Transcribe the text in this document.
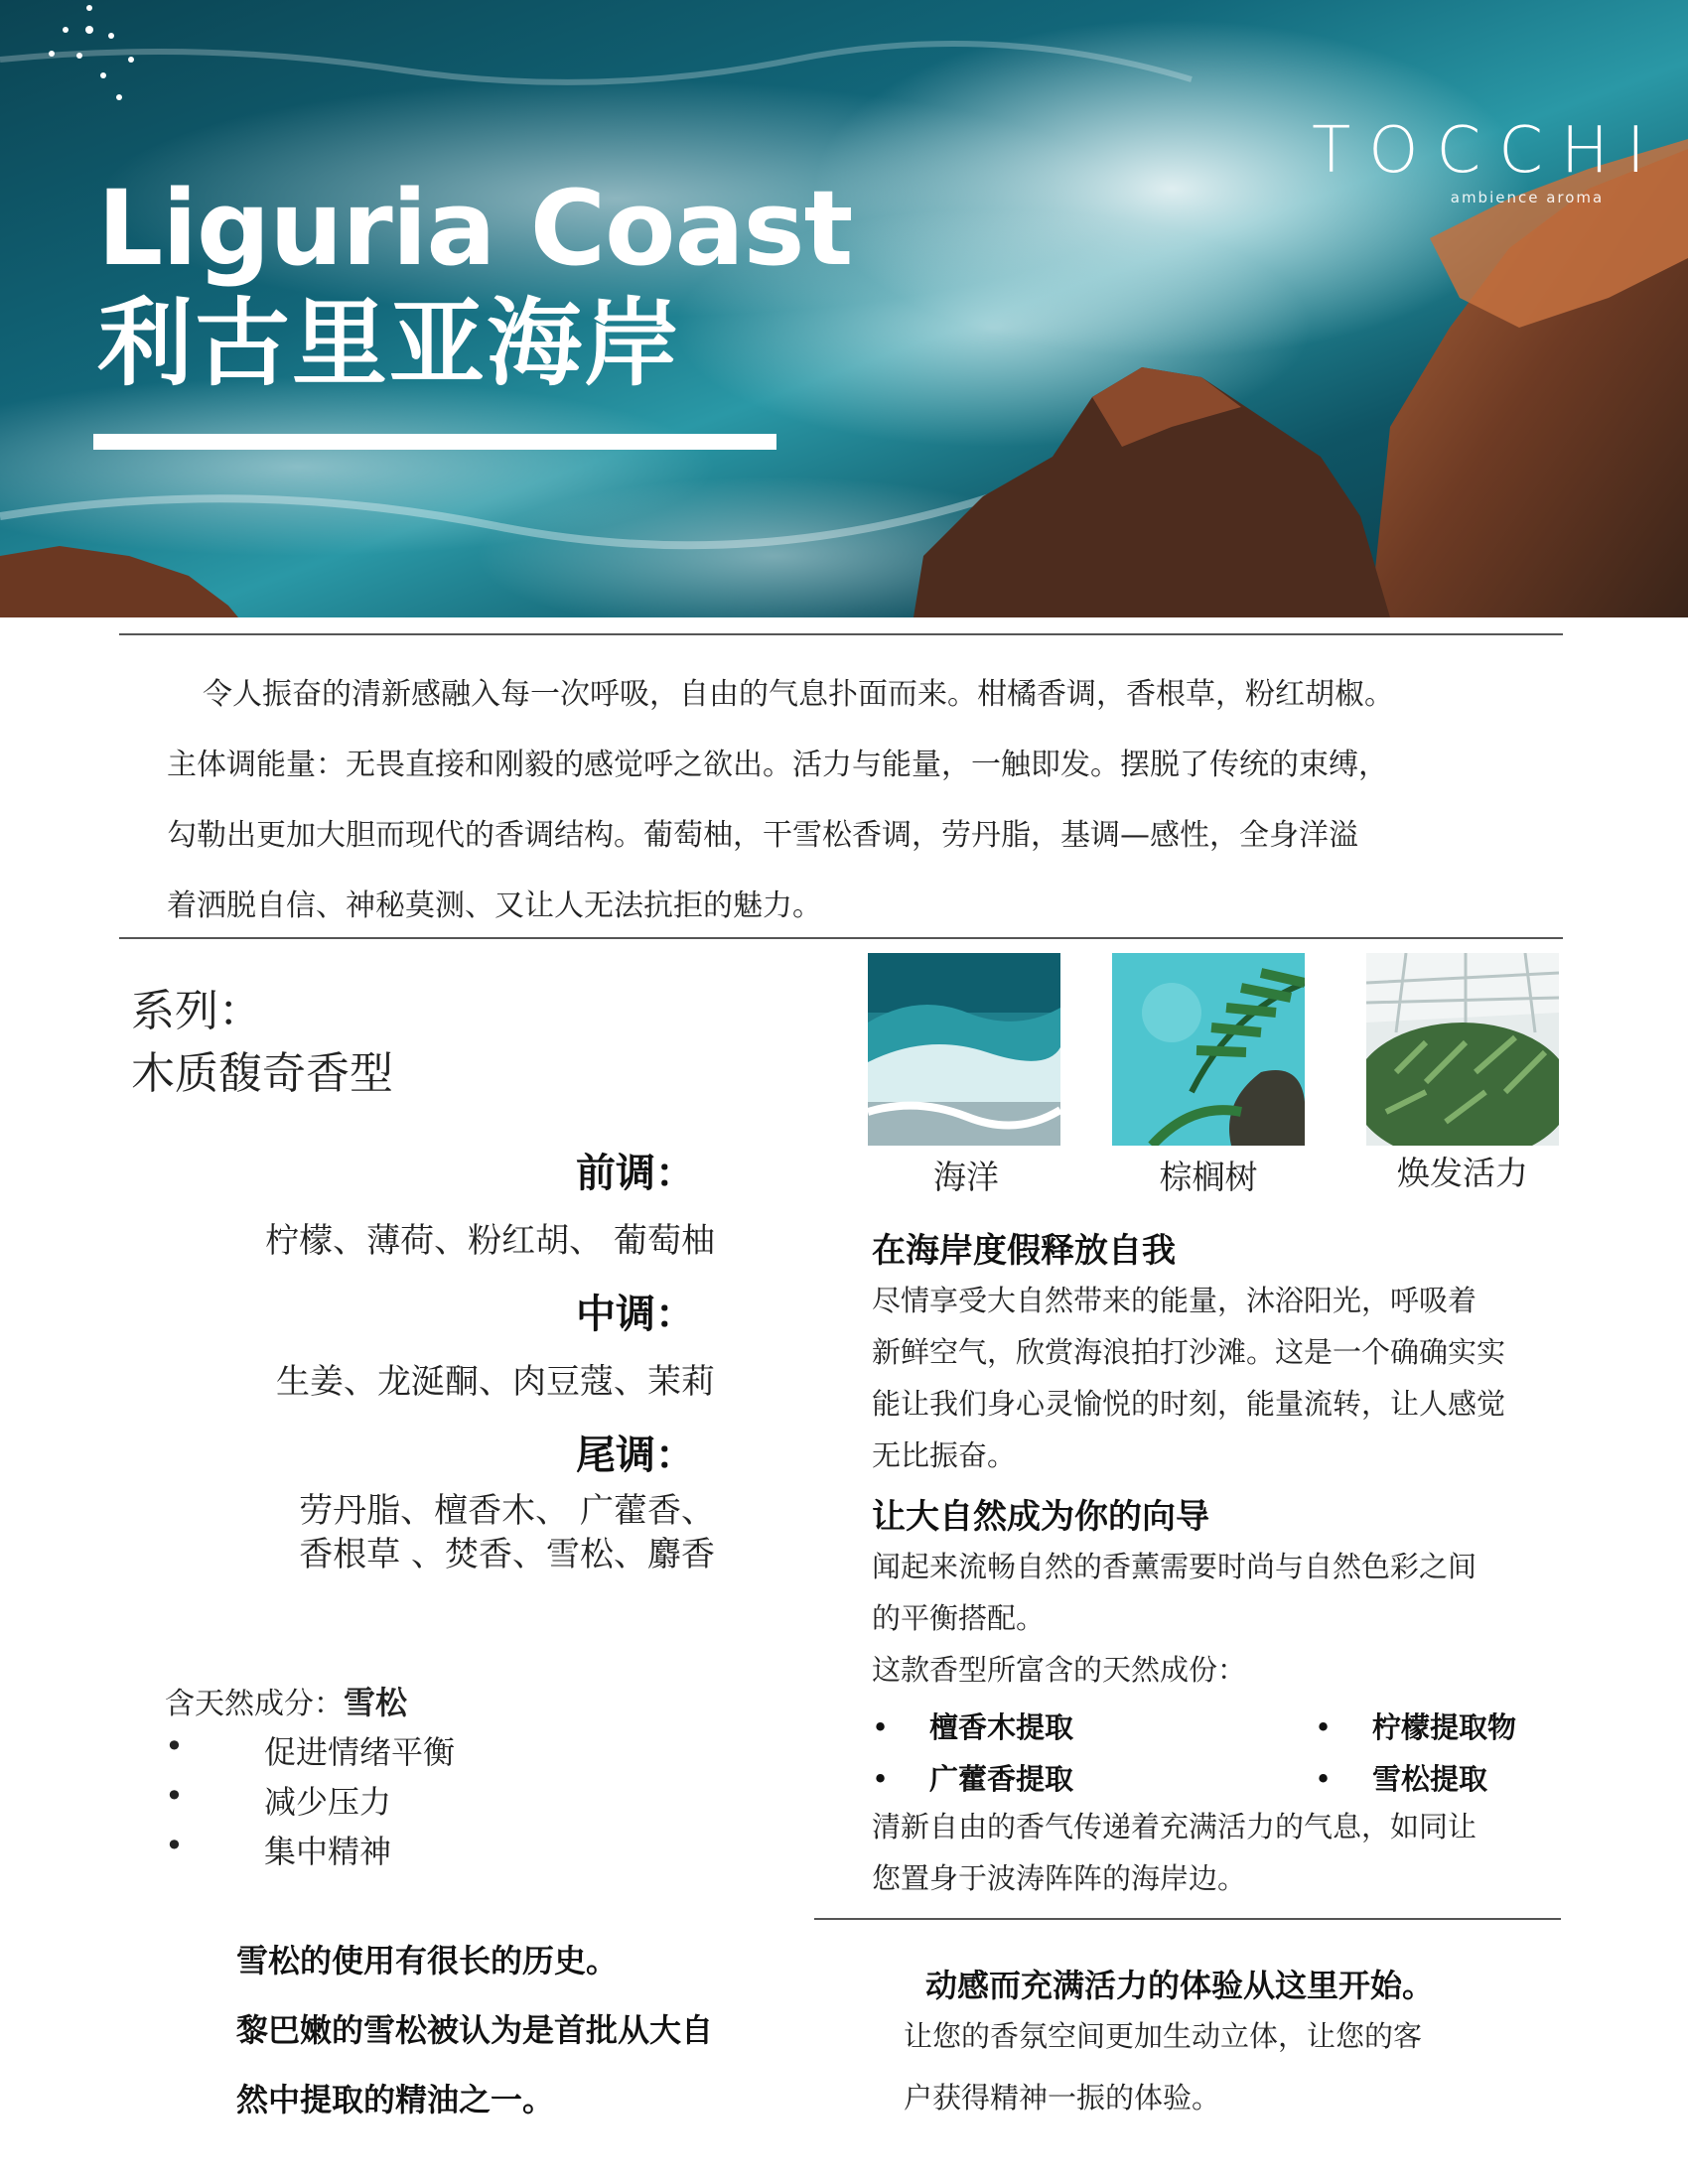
Liguria Coast
利古里亚海岸
TOCCHI
ambience aroma

令人振奋的清新感融入每一次呼吸，自由的气息扑面而来。柑橘香调，香根草，粉红胡椒。

主体调能量：无畏直接和刚毅的感觉呼之欲出。活力与能量，一触即发。摆脱了传统的束缚，

勾勒出更加大胆而现代的香调结构。葡萄柚，干雪松香调，劳丹脂，基调—感性，全身洋溢

着洒脱自信、神秘莫测、又让人无法抗拒的魅力。

系列：
木质馥奇香型
前调：
柠檬、薄荷、粉红胡、 葡萄柚
中调：
生姜、龙涎酮、肉豆蔻、茉莉
尾调：
劳丹脂、檀香木、 广藿香、
香根草 、焚香、雪松、麝香
含天然成分：雪松
•	促进情绪平衡
•	减少压力
•	集中精神

雪松的使用有很长的历史。

黎巴嫩的雪松被认为是首批从大自

然中提取的精油之一。

海洋	棕榈树	焕发活力
在海岸度假释放自我

尽情享受大自然带来的能量，沐浴阳光，呼吸着

新鲜空气，欣赏海浪拍打沙滩。这是一个确确实实

能让我们身心灵愉悦的时刻，能量流转，让人感觉

无比振奋。

让大自然成为你的向导

闻起来流畅自然的香薰需要时尚与自然色彩之间

的平衡搭配。

这款香型所富含的天然成份：

• 檀香木提取	• 柠檬提取物
• 广藿香提取	• 雪松提取

清新自由的香气传递着充满活力的气息，如同让

您置身于波涛阵阵的海岸边。

动感而充满活力的体验从这里开始。

让您的香氛空间更加生动立体，让您的客

户获得精神一振的体验。
